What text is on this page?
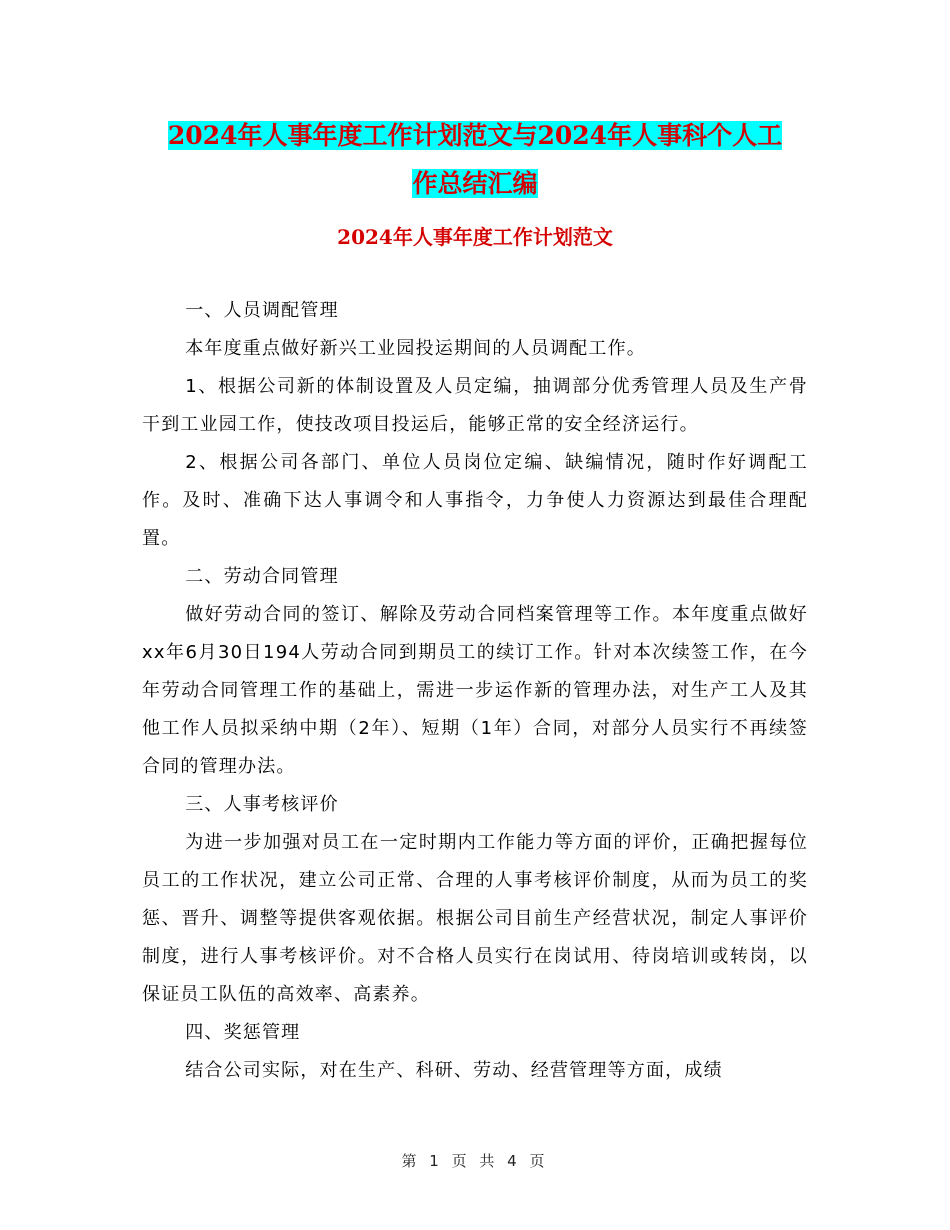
2024年人事年度工作计划范文与2024年人事科个人工
作总结汇编
2024年人事年度工作计划范文

一、人员调配管理

本年度重点做好新兴工业园投运期间的人员调配工作。

1、根据公司新的体制设置及人员定编，抽调部分优秀管理人员及生产骨干到工业园工作，使技改项目投运后，能够正常的安全经济运行。

2、根据公司各部门、单位人员岗位定编、缺编情况，随时作好调配工作。及时、准确下达人事调令和人事指令，力争使人力资源达到最佳合理配置。

二、劳动合同管理

做好劳动合同的签订、解除及劳动合同档案管理等工作。本年度重点做好xx年6月30日194人劳动合同到期员工的续订工作。针对本次续签工作，在今年劳动合同管理工作的基础上，需进一步运作新的管理办法，对生产工人及其他工作人员拟采纳中期（2年）、短期（1年）合同，对部分人员实行不再续签合同的管理办法。

三、人事考核评价

为进一步加强对员工在一定时期内工作能力等方面的评价，正确把握每位员工的工作状况，建立公司正常、合理的人事考核评价制度，从而为员工的奖惩、晋升、调整等提供客观依据。根据公司目前生产经营状况，制定人事评价制度，进行人事考核评价。对不合格人员实行在岗试用、待岗培训或转岗，以保证员工队伍的高效率、高素养。

四、奖惩管理

结合公司实际，对在生产、科研、劳动、经营管理等方面，成绩

第 1 页 共 4 页
